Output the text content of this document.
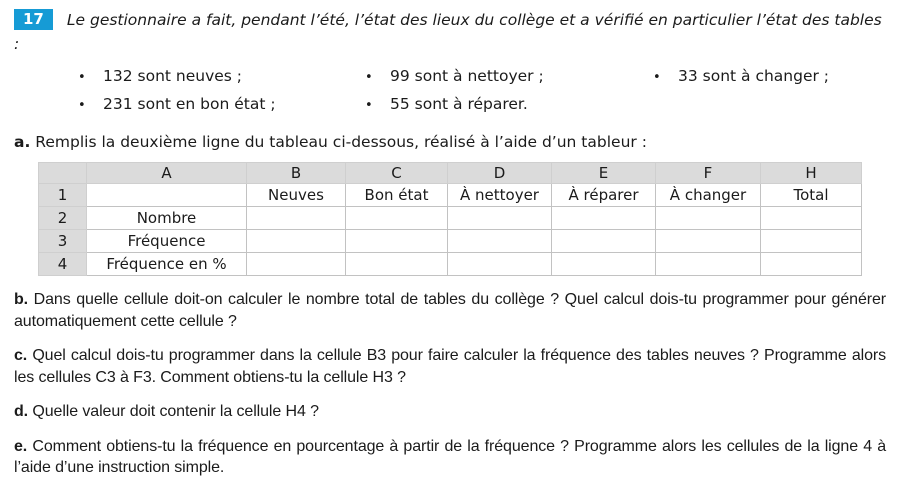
17 Le gestionnaire a fait, pendant l’été, l’état des lieux du collège et a vérifié en particulier l’état des tables :

• 132 sont neuves ;
• 231 sont en bon état ;
• 99 sont à nettoyer ;
• 55 sont à réparer.
• 33 sont à changer ;

a. Remplis la deuxième ligne du tableau ci-dessous, réalisé à l’aide d’un tableur :

	A	B	C	D	E	F	H
1		Neuves	Bon état	À nettoyer	À réparer	À changer	Total
2	Nombre						
3	Fréquence						
4	Fréquence en %						

b. Dans quelle cellule doit-on calculer le nombre total de tables du collège ? Quel calcul dois-tu programmer pour générer automatiquement cette cellule ?

c. Quel calcul dois-tu programmer dans la cellule B3 pour faire calculer la fréquence des tables neuves ? Programme alors les cellules C3 à F3. Comment obtiens-tu la cellule H3 ?

d. Quelle valeur doit contenir la cellule H4 ?

e. Comment obtiens-tu la fréquence en pourcentage à partir de la fréquence ? Programme alors les cellules de la ligne 4 à l’aide d’une instruction simple.
